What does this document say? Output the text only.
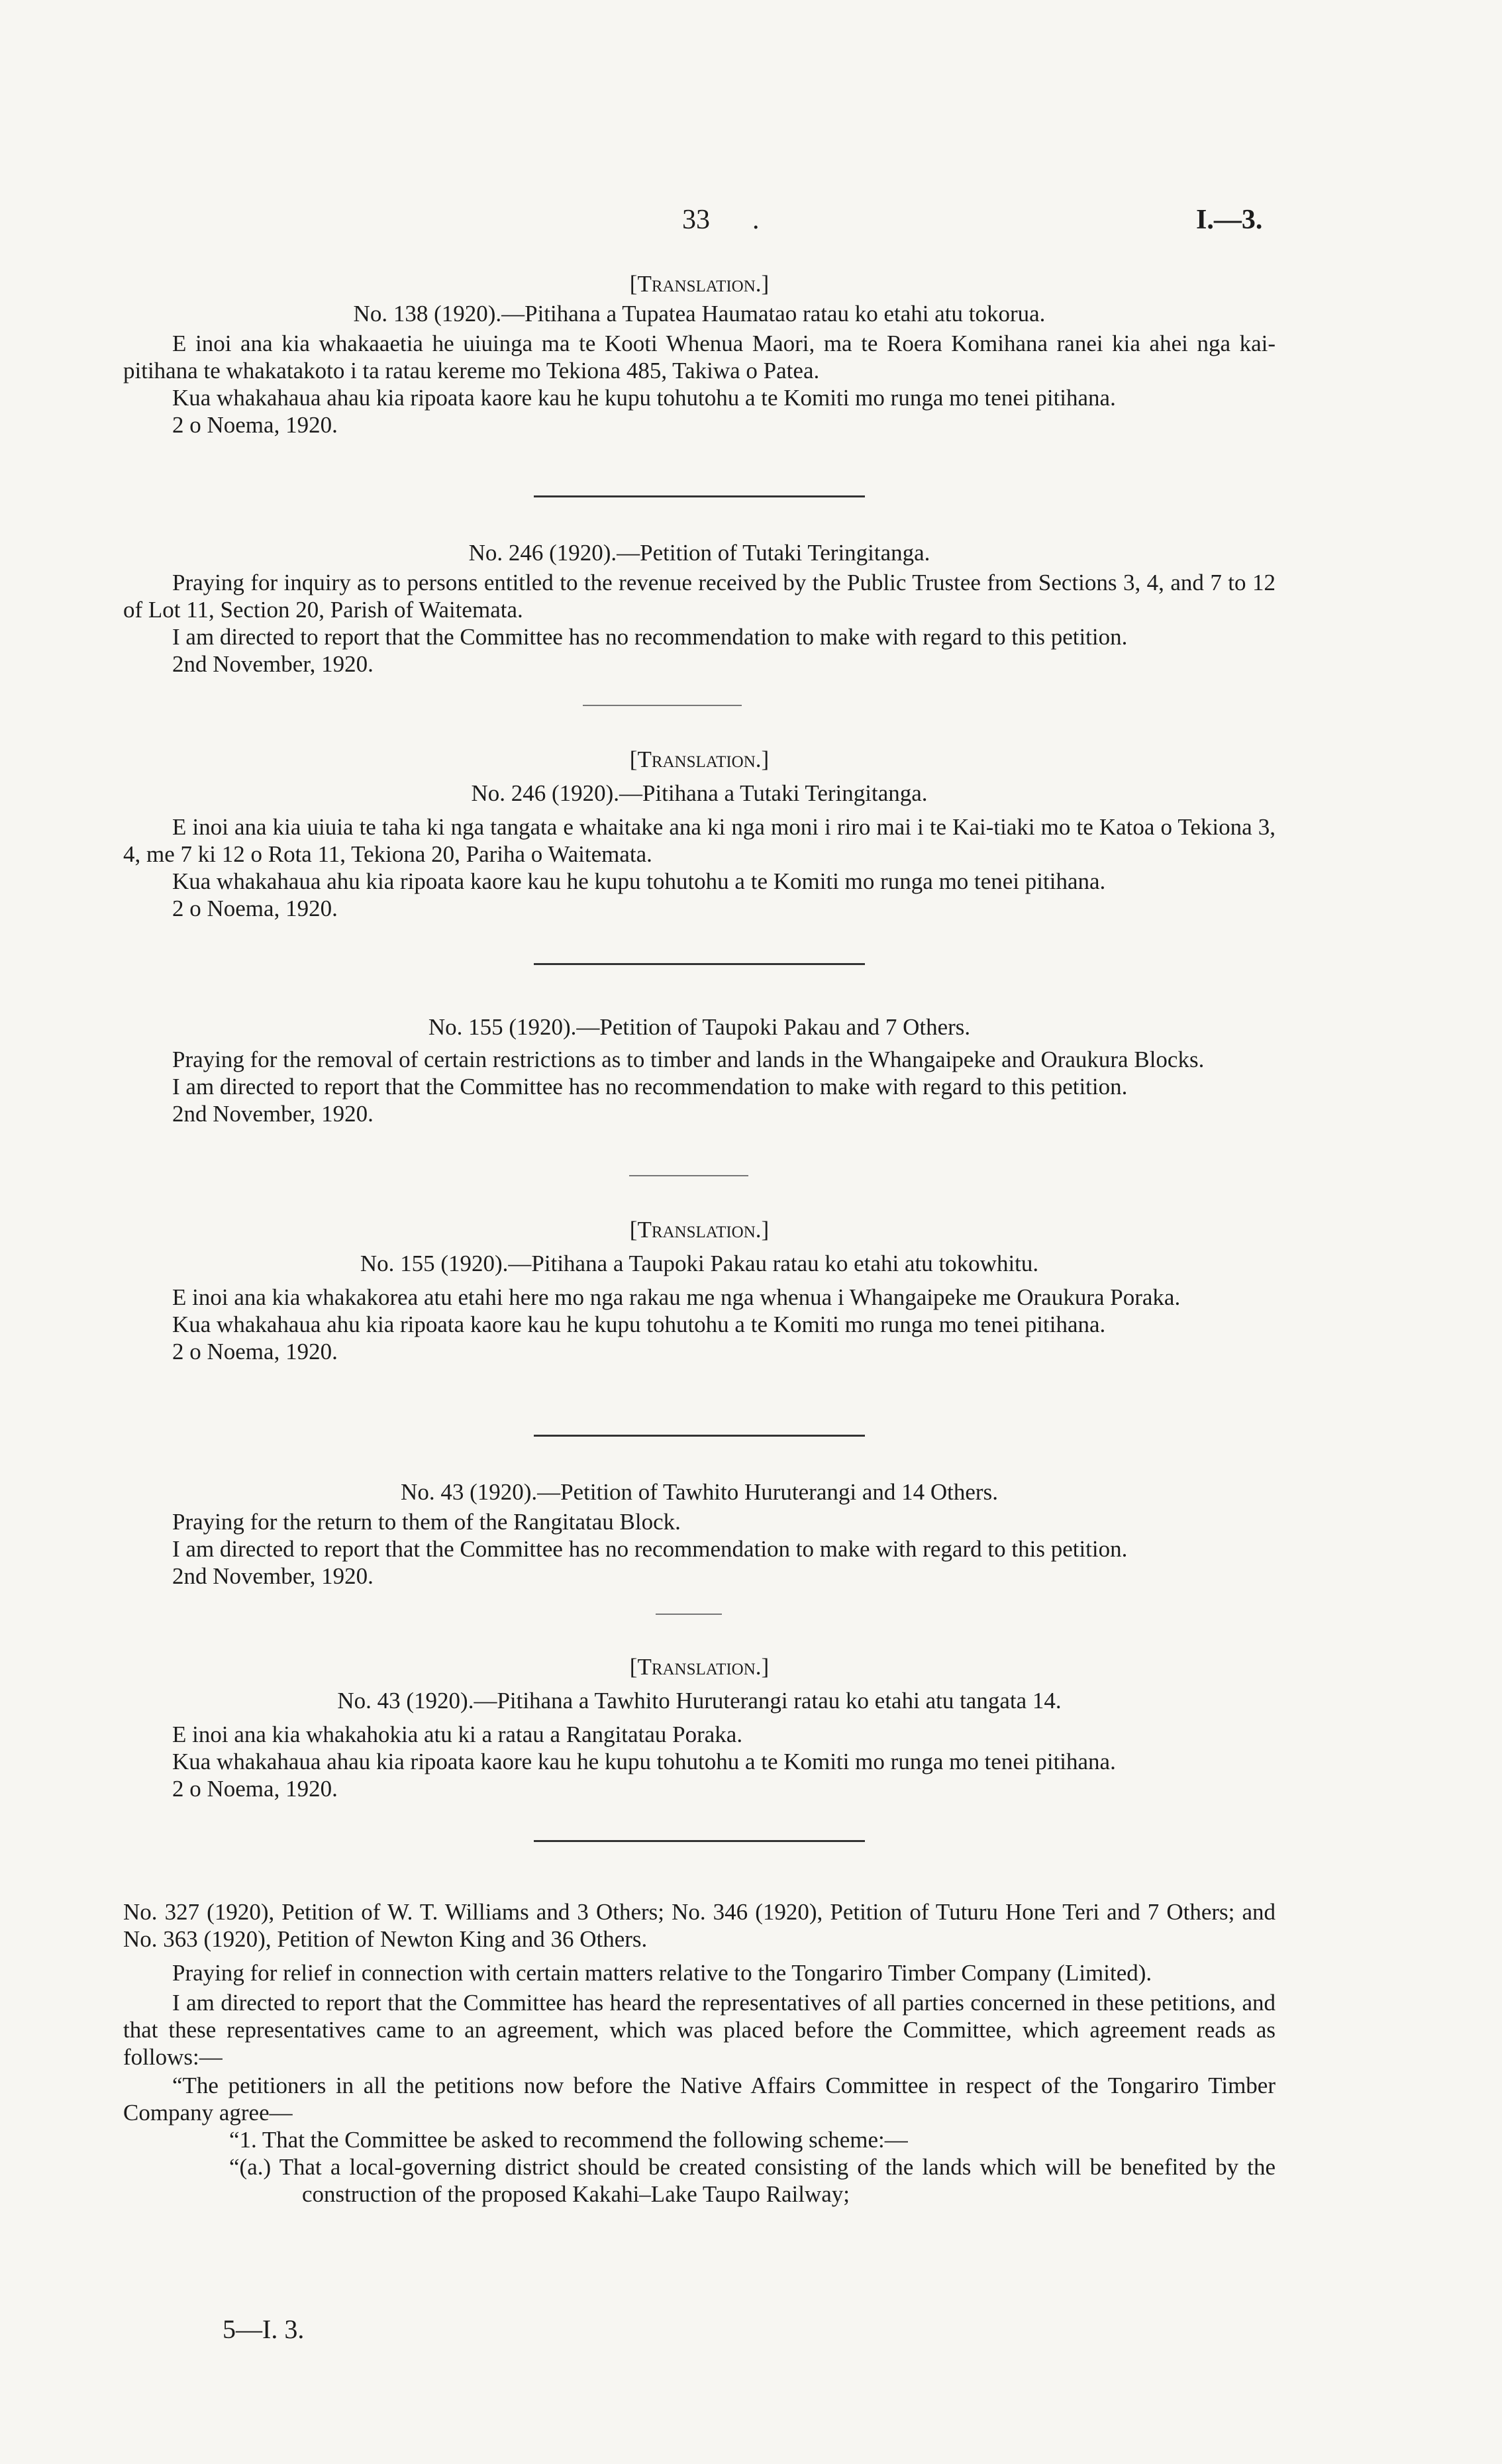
33 .	I.—3.
[Translation.]
No. 138 (1920).—Pitihana a Tupatea Haumatao ratau ko etahi atu tokorua.

E inoi ana kia whakaaetia he uiuinga ma te Kooti Whenua Maori, ma te Roera Komihana ranei kia ahei nga kai-pitihana te whakatakoto i ta ratau kereme mo Tekiona 485, Takiwa o Patea.

Kua whakahaua ahau kia ripoata kaore kau he kupu tohutohu a te Komiti mo runga mo tenei pitihana.

2 o Noema, 1920.
No. 246 (1920).—Petition of Tutaki Teringitanga.

Praying for inquiry as to persons entitled to the revenue received by the Public Trustee from Sections 3, 4, and 7 to 12 of Lot 11, Section 20, Parish of Waitemata.

I am directed to report that the Committee has no recommendation to make with regard to this petition.

2nd November, 1920.
[Translation.]
No. 246 (1920).—Pitihana a Tutaki Teringitanga.

E inoi ana kia uiuia te taha ki nga tangata e whaitake ana ki nga moni i riro mai i te Kai-tiaki mo te Katoa o Tekiona 3, 4, me 7 ki 12 o Rota 11, Tekiona 20, Pariha o Waitemata.

Kua whakahaua ahu kia ripoata kaore kau he kupu tohutohu a te Komiti mo runga mo tenei pitihana.

2 o Noema, 1920.
No. 155 (1920).—Petition of Taupoki Pakau and 7 Others.

Praying for the removal of certain restrictions as to timber and lands in the Whangaipeke and Oraukura Blocks.

I am directed to report that the Committee has no recommendation to make with regard to this petition.

2nd November, 1920.
[Translation.]
No. 155 (1920).—Pitihana a Taupoki Pakau ratau ko etahi atu tokowhitu.

E inoi ana kia whakakorea atu etahi here mo nga rakau me nga whenua i Whangaipeke me Oraukura Poraka.

Kua whakahaua ahu kia ripoata kaore kau he kupu tohutohu a te Komiti mo runga mo tenei pitihana.

2 o Noema, 1920.
No. 43 (1920).—Petition of Tawhito Huruterangi and 14 Others.

Praying for the return to them of the Rangitatau Block.

I am directed to report that the Committee has no recommendation to make with regard to this petition.

2nd November, 1920.
[Translation.]
No. 43 (1920).—Pitihana a Tawhito Huruterangi ratau ko etahi atu tangata 14.

E inoi ana kia whakahokia atu ki a ratau a Rangitatau Poraka.

Kua whakahaua ahau kia ripoata kaore kau he kupu tohutohu a te Komiti mo runga mo tenei pitihana.

2 o Noema, 1920.

No. 327 (1920), Petition of W. T. Williams and 3 Others; No. 346 (1920), Petition of Tuturu Hone Teri and 7 Others; and No. 363 (1920), Petition of Newton King and 36 Others.

Praying for relief in connection with certain matters relative to the Tongariro Timber Company (Limited).

I am directed to report that the Committee has heard the representatives of all parties concerned in these petitions, and that these representatives came to an agreement, which was placed before the Committee, which agreement reads as follows:—

“The petitioners in all the petitions now before the Native Affairs Committee in respect of the Tongariro Timber Company agree—

“1. That the Committee be asked to recommend the following scheme:—

“(a.) That a local-governing district should be created consisting of the lands which will be benefited by the construction of the proposed Kakahi–Lake Taupo Railway;

5—I. 3.
